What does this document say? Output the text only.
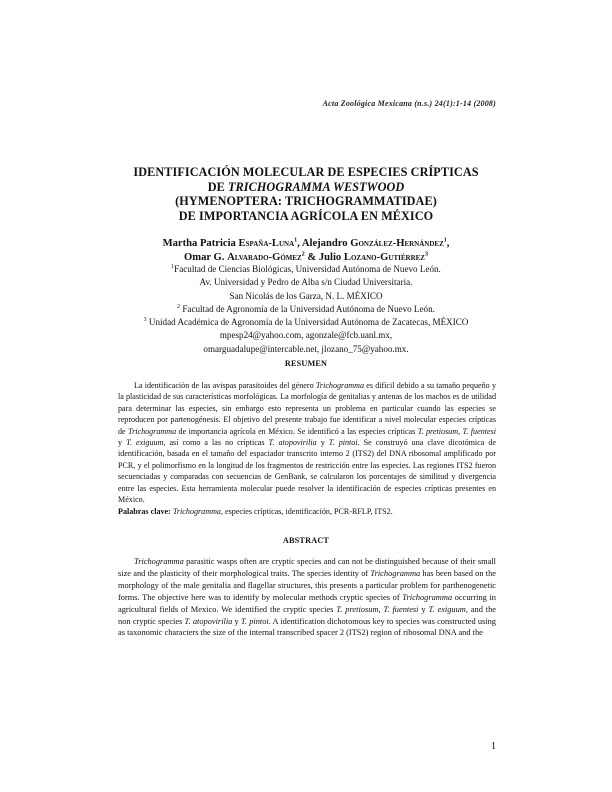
Acta Zoológica Mexicana (n.s.) 24(1):1-14 (2008)
IDENTIFICACIÓN MOLECULAR DE ESPECIES CRÍPTICAS
DE TRICHOGRAMMA WESTWOOD
(HYMENOPTERA: TRICHOGRAMMATIDAE)
DE IMPORTANCIA AGRÍCOLA EN MÉXICO
Martha Patricia España-Luna$^1$, Alejandro González-Hernández$^1$,
Omar G. Alvarado-Gómez$^2$ & Julio Lozano-Gutiérrez$^3$
$^1$Facultad de Ciencias Biológicas, Universidad Autónoma de Nuevo León.
Av. Universidad y Pedro de Alba s/n Ciudad Universitaria.
San Nicolás de los Garza, N. L. MÉXICO
$^2$ Facultad de Agronomía de la Universidad Autónoma de Nuevo León.
$^3$ Unidad Académica de Agronomía de la Universidad Autónoma de Zacatecas, MÉXICO
mpesp24@yahoo.com, agonzale@fcb.uanl.mx,
omarguadalupe@intercable.net, jlozano_75@yahoo.mx.
RESUMEN

La identificación de las avispas parasitoides del género Trichogramma es difícil debido a su tamaño pequeño y la plasticidad de sus características morfológicas. La morfología de genitalias y antenas de los machos es de utilidad para determinar las especies, sin embargo esto representa un problema en particular cuando las especies se reproducen por partenogénesis. El objetivo del presente trabajo fue identificar a nivel molecular especies crípticas de Trichogramma de importancia agrícola en México. Se identificó a las especies crípticas T. pretiosum, T. fuentesi y T. exiguum, así como a las no crípticas T. atopovirilia y T. pintoi. Se construyó una clave dicotómica de identificación, basada en el tamaño del espaciador transcrito interno 2 (ITS2) del DNA ribosomal amplificado por PCR, y el polimorfismo en la longitud de los fragmentos de restricción entre las especies. Las regiones ITS2 fueron secuenciadas y comparadas con secuencias de GenBank, se calcularon los porcentajes de similitud y divergencia entre las especies. Esta herramienta molecular puede resolver la identificación de especies crípticas presentes en México.

Palabras clave: Trichogramma, especies crípticas, identificación, PCR-RFLP, ITS2.

ABSTRACT

Trichogramma parasitic wasps often are cryptic species and can not be distinguished because of their small size and the plasticity of their morphological traits. The species identity of Trichogramma has been based on the morphology of the male genitalia and flagellar structures, this presents a particular problem for parthenogenetic forms. The objective here was to identify by molecular methods cryptic species of Trichogramma occurring in agricultural fields of Mexico. We identified the cryptic species T. pretiosum, T. fuentesi y T. exiguum, and the non cryptic species T. atopovirilia y T. pintoi. A identification dichotomous key to species was constructed using as taxonomic characters the size of the internal transcribed spacer 2 (ITS2) region of ribosomal DNA and the

1
